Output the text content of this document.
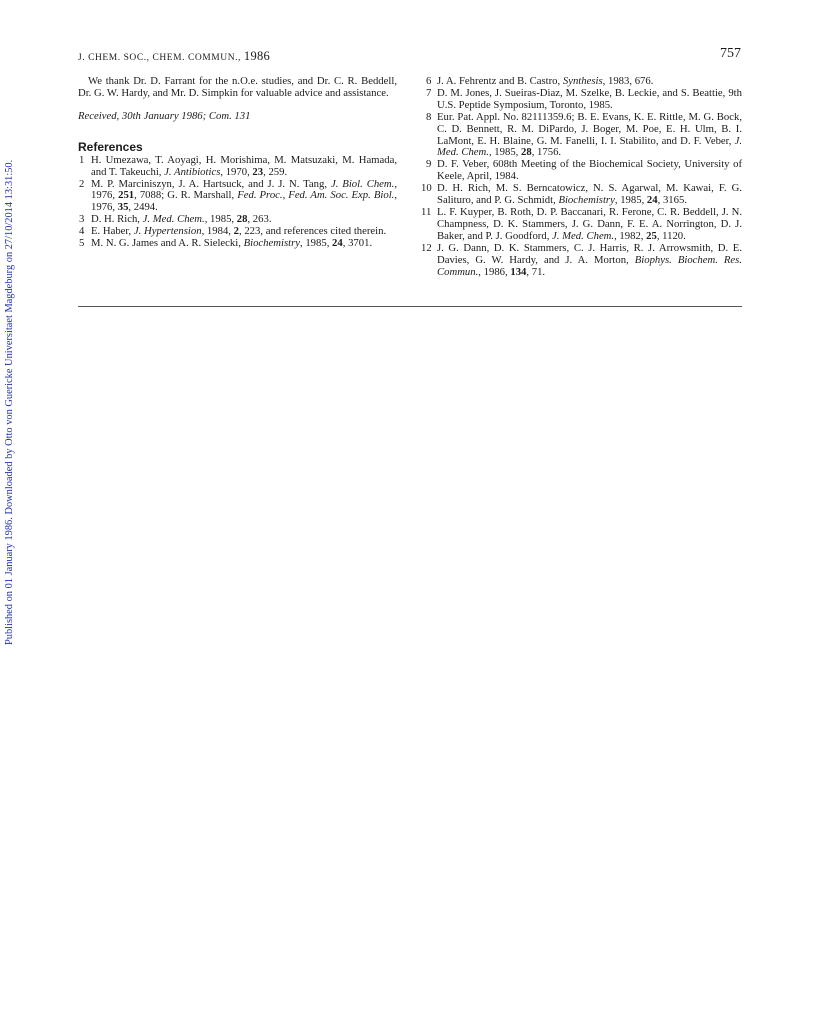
Published on 01 January 1986. Downloaded by Otto von Guericke Universitaet Magdeburg on 27/10/2014 13:31:50.
J. CHEM. SOC., CHEM. COMMUN., 1986	757

We thank Dr. D. Farrant for the n.O.e. studies, and Dr. C. R. Beddell, Dr. G. W. Hardy, and Mr. D. Simpkin for valuable advice and assistance.

Received, 30th January 1986; Com. 131

References
1 H. Umezawa, T. Aoyagi, H. Morishima, M. Matsuzaki, M. Hamada, and T. Takeuchi, J. Antibiotics, 1970, 23, 259.
2 M. P. Marciniszyn, J. A. Hartsuck, and J. J. N. Tang, J. Biol. Chem., 1976, 251, 7088; G. R. Marshall, Fed. Proc., Fed. Am. Soc. Exp. Biol., 1976, 35, 2494.
3 D. H. Rich, J. Med. Chem., 1985, 28, 263.
4 E. Haber, J. Hypertension, 1984, 2, 223, and references cited therein.
5 M. N. G. James and A. R. Sielecki, Biochemistry, 1985, 24, 3701.
6 J. A. Fehrentz and B. Castro, Synthesis, 1983, 676.
7 D. M. Jones, J. Sueiras-Diaz, M. Szelke, B. Leckie, and S. Beattie, 9th U.S. Peptide Symposium, Toronto, 1985.
8 Eur. Pat. Appl. No. 82111359.6; B. E. Evans, K. E. Rittle, M. G. Bock, C. D. Bennett, R. M. DiPardo, J. Boger, M. Poe, E. H. Ulm, B. I. LaMont, E. H. Blaine, G. M. Fanelli, I. I. Stabilito, and D. F. Veber, J. Med. Chem., 1985, 28, 1756.
9 D. F. Veber, 608th Meeting of the Biochemical Society, University of Keele, April, 1984.
10 D. H. Rich, M. S. Berncatowicz, N. S. Agarwal, M. Kawai, F. G. Salituro, and P. G. Schmidt, Biochemistry, 1985, 24, 3165.
11 L. F. Kuyper, B. Roth, D. P. Baccanari, R. Ferone, C. R. Beddell, J. N. Champness, D. K. Stammers, J. G. Dann, F. E. A. Norrington, D. J. Baker, and P. J. Goodford, J. Med. Chem., 1982, 25, 1120.
12 J. G. Dann, D. K. Stammers, C. J. Harris, R. J. Arrowsmith, D. E. Davies, G. W. Hardy, and J. A. Morton, Biophys. Biochem. Res. Commun., 1986, 134, 71.
